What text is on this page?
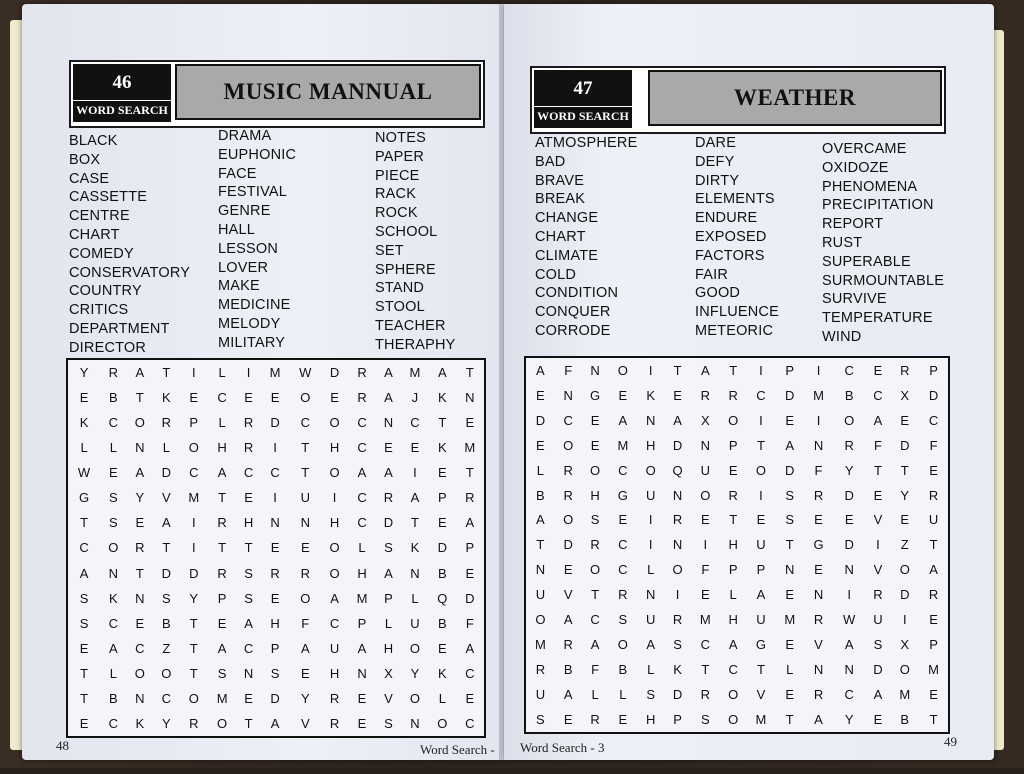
46
WORD SEARCH
MUSIC MANNUAL
BLACK
BOX
CASE
CASSETTE
CENTRE
CHART
COMEDY
CONSERVATORY
COUNTRY
CRITICS
DEPARTMENT
DIRECTOR
DRAMA
EUPHONIC
FACE
FESTIVAL
GENRE
HALL
LESSON
LOVER
MAKE
MEDICINE
MELODY
MILITARY
NOTES
PAPER
PIECE
RACK
ROCK
SCHOOL
SET
SPHERE
STAND
STOOL
TEACHER
THERAPHY
Y	R	A	T	I	L	I	M	W	D	R	A	M	A	T
E	B	T	K	E	C	E	E	O	E	R	A	J	K	N
K	C	O	R	P	L	R	D	C	O	C	N	C	T	E
L	L	N	L	O	H	R	I	T	H	C	E	E	K	M
W	E	A	D	C	A	C	C	T	O	A	A	I	E	T
G	S	Y	V	M	T	E	I	U	I	C	R	A	P	R
T	S	E	A	I	R	H	N	N	H	C	D	T	E	A
C	O	R	T	I	T	T	E	E	O	L	S	K	D	P
A	N	T	D	D	R	S	R	R	O	H	A	N	B	E
S	K	N	S	Y	P	S	E	O	A	M	P	L	Q	D
S	C	E	B	T	E	A	H	F	C	P	L	U	B	F
E	A	C	Z	T	A	C	P	A	U	A	H	O	E	A
T	L	O	O	T	S	N	S	E	H	N	X	Y	K	C
T	B	N	C	O	M	E	D	Y	R	E	V	O	L	E
E	C	K	Y	R	O	T	A	V	R	E	S	N	O	C
48	Word Search - 3
47
WORD SEARCH
WEATHER
ATMOSPHERE
BAD
BRAVE
BREAK
CHANGE
CHART
CLIMATE
COLD
CONDITION
CONQUER
CORRODE
DARE
DEFY
DIRTY
ELEMENTS
ENDURE
EXPOSED
FACTORS
FAIR
GOOD
INFLUENCE
METEORIC
OVERCAME
OXIDOZE
PHENOMENA
PRECIPITATION
REPORT
RUST
SUPERABLE
SURMOUNTABLE
SURVIVE
TEMPERATURE
WIND
A	F	N	O	I	T	A	T	I	P	I	C	E	R	P
E	N	G	E	K	E	R	R	C	D	M	B	C	X	D
D	C	E	A	N	A	X	O	I	E	I	O	A	E	C
E	O	E	M	H	D	N	P	T	A	N	R	F	D	F
L	R	O	C	O	Q	U	E	O	D	F	Y	T	T	E
B	R	H	G	U	N	O	R	I	S	R	D	E	Y	R
A	O	S	E	I	R	E	T	E	S	E	E	V	E	U
T	D	R	C	I	N	I	H	U	T	G	D	I	Z	T
N	E	O	C	L	O	F	P	P	N	E	N	V	O	A
U	V	T	R	N	I	E	L	A	E	N	I	R	D	R
O	A	C	S	U	R	M	H	U	M	R	W	U	I	E
M	R	A	O	A	S	C	A	G	E	V	A	S	X	P
R	B	F	B	L	K	T	C	T	L	N	N	D	O	M
U	A	L	L	S	D	R	O	V	E	R	C	A	M	E
S	E	R	E	H	P	S	O	M	T	A	Y	E	B	T
Word Search - 3	49
